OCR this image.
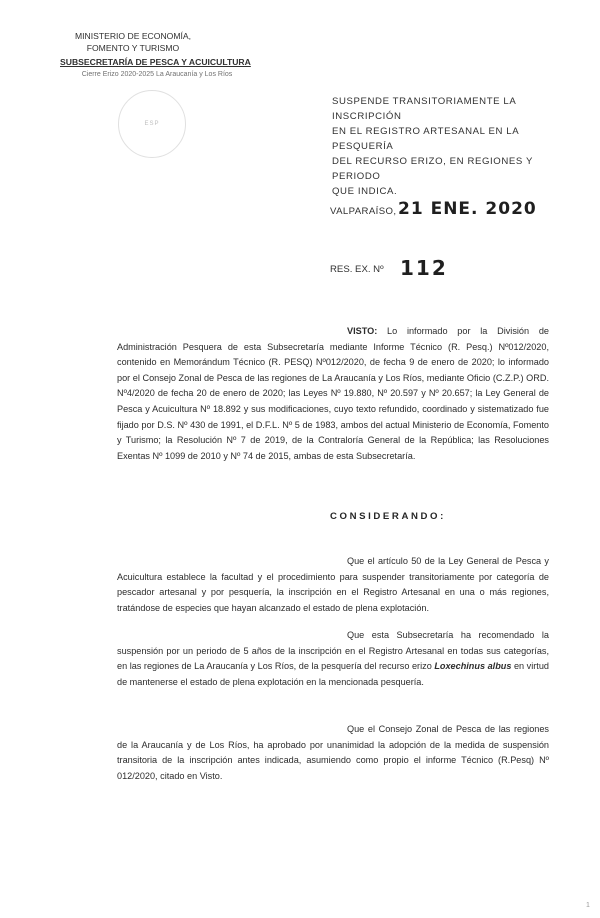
MINISTERIO DE ECONOMÍA,
FOMENTO Y TURISMO
SUBSECRETARÍA DE PESCA Y ACUICULTURA
Cierre Erizo 2020-2025 La Araucanía y Los Ríos
ESP
SUSPENDE TRANSITORIAMENTE LA INSCRIPCIÓN
EN EL REGISTRO ARTESANAL EN LA PESQUERÍA
DEL RECURSO ERIZO, EN REGIONES Y PERIODO
QUE INDICA.
VALPARAÍSO, 21 ENE. 2020
RES. EX. Nº 112
VISTO: Lo informado por la División de Administración Pesquera de esta Subsecretaría mediante Informe Técnico (R. Pesq.) Nº012/2020, contenido en Memorándum Técnico (R. PESQ) Nº012/2020, de fecha 9 de enero de 2020; lo informado por el Consejo Zonal de Pesca de las regiones de La Araucanía y Los Ríos, mediante Oficio (C.Z.P.) ORD. Nº4/2020 de fecha 20 de enero de 2020; las Leyes Nº 19.880, Nº 20.597 y Nº 20.657; la Ley General de Pesca y Acuicultura Nº 18.892 y sus modificaciones, cuyo texto refundido, coordinado y sistematizado fue fijado por D.S. Nº 430 de 1991, el D.F.L. Nº 5 de 1983, ambos del actual Ministerio de Economía, Fomento y Turismo; la Resolución Nº 7 de 2019, de la Contraloría General de la República; las Resoluciones Exentas Nº 1099 de 2010 y Nº 74 de 2015, ambas de esta Subsecretaría.
CONSIDERANDO:
Que el artículo 50 de la Ley General de Pesca y Acuicultura establece la facultad y el procedimiento para suspender transitoriamente por categoría de pescador artesanal y por pesquería, la inscripción en el Registro Artesanal en una o más regiones, tratándose de especies que hayan alcanzado el estado de plena explotación.
Que esta Subsecretaría ha recomendado la suspensión por un periodo de 5 años de la inscripción en el Registro Artesanal en todas sus categorías, en las regiones de La Araucanía y Los Ríos, de la pesquería del recurso erizo Loxechinus albus en virtud de mantenerse el estado de plena explotación en la mencionada pesquería.
Que el Consejo Zonal de Pesca de las regiones de la Araucanía y de Los Ríos, ha aprobado por unanimidad la adopción de la medida de suspensión transitoria de la inscripción antes indicada, asumiendo como propio el informe Técnico (R.Pesq) Nº 012/2020, citado en Visto.
1
